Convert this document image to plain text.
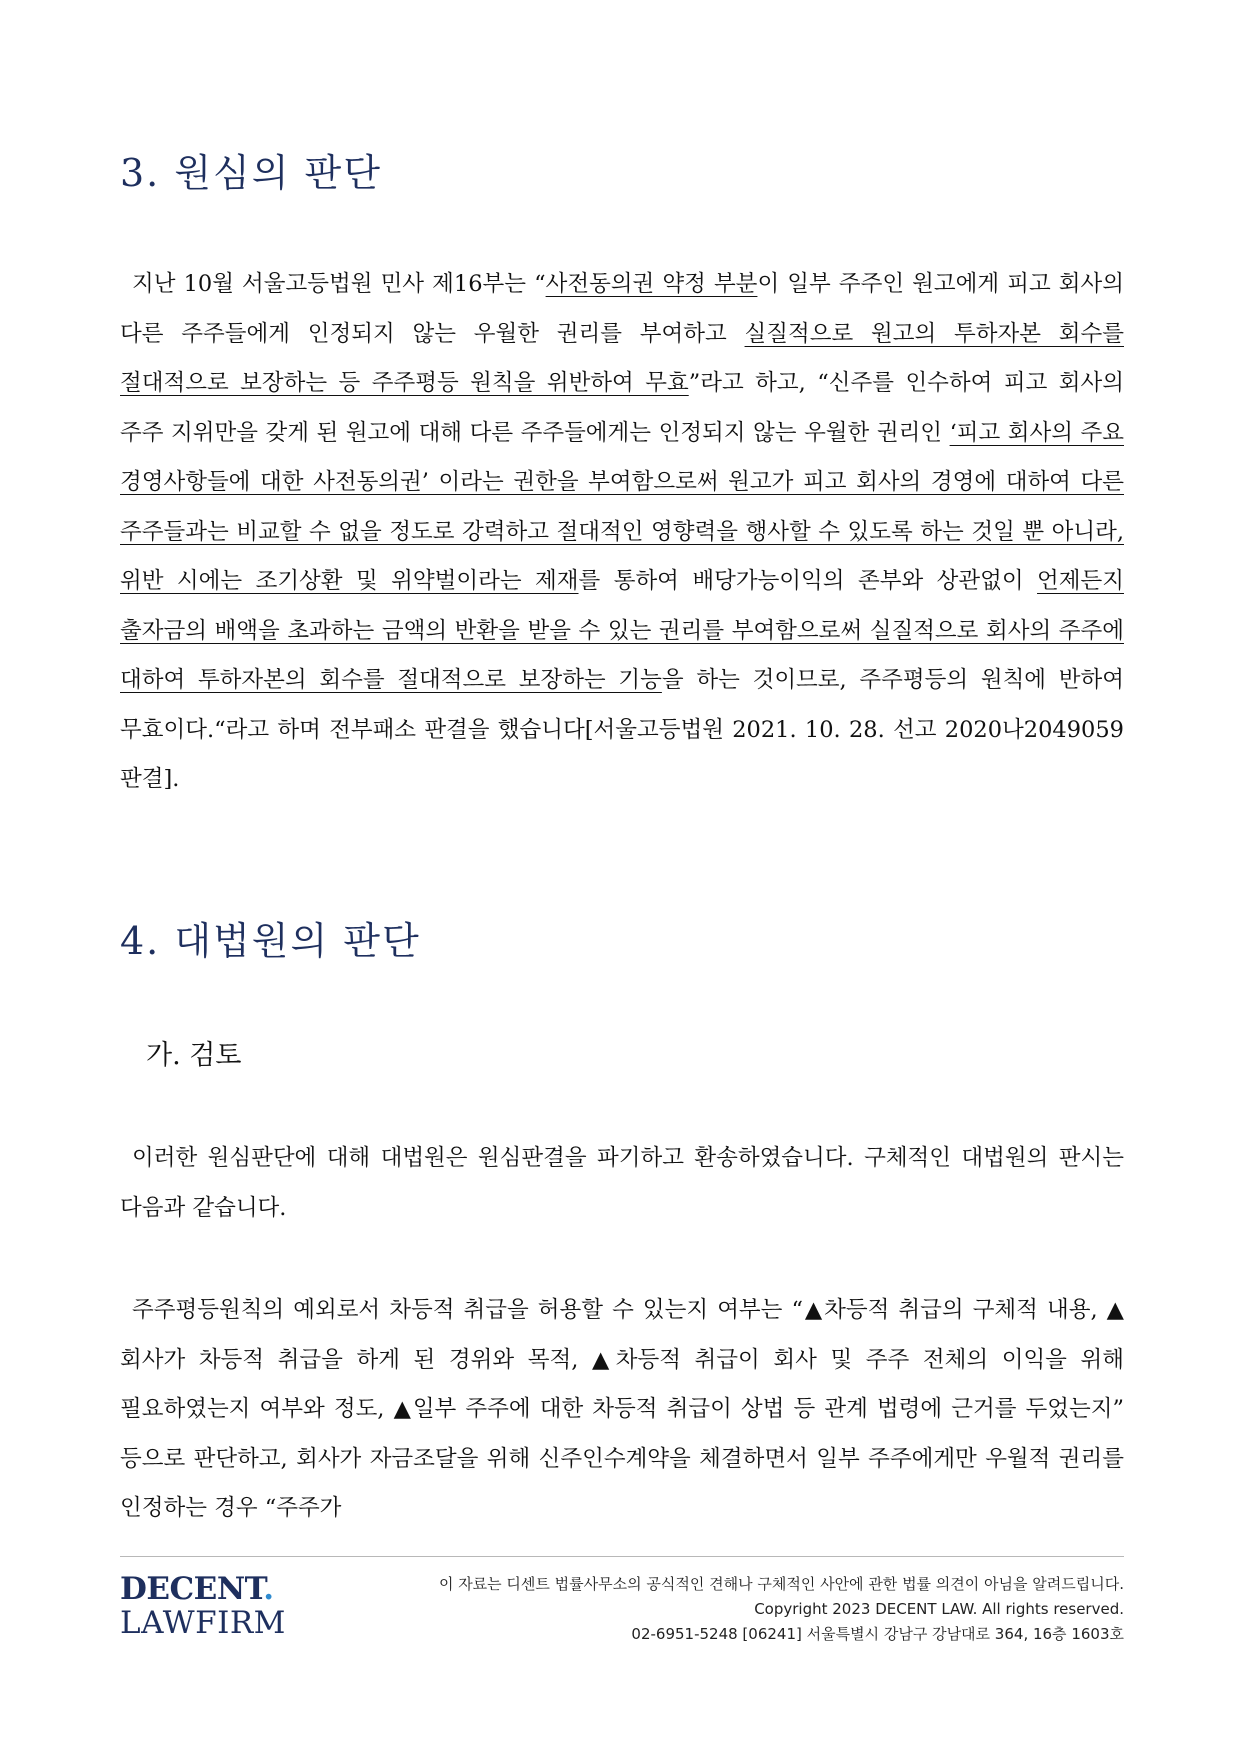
3. 원심의 판단

지난 10월 서울고등법원 민사 제16부는 “사전동의권 약정 부분이 일부 주주인 원고에게 피고 회사의 다른 주주들에게 인정되지 않는 우월한 권리를 부여하고 실질적으로 원고의 투하자본 회수를 절대적으로 보장하는 등 주주평등 원칙을 위반하여 무효”라고 하고, “신주를 인수하여 피고 회사의 주주 지위만을 갖게 된 원고에 대해 다른 주주들에게는 인정되지 않는 우월한 권리인 ‘피고 회사의 주요 경영사항들에 대한 사전동의권’ 이라는 권한을 부여함으로써 원고가 피고 회사의 경영에 대하여 다른 주주들과는 비교할 수 없을 정도로 강력하고 절대적인 영향력을 행사할 수 있도록 하는 것일 뿐 아니라, 위반 시에는 조기상환 및 위약벌이라는 제재를 통하여 배당가능이익의 존부와 상관없이 언제든지 출자금의 배액을 초과하는 금액의 반환을 받을 수 있는 권리를 부여함으로써 실질적으로 회사의 주주에 대하여 투하자본의 회수를 절대적으로 보장하는 기능을 하는 것이므로, 주주평등의 원칙에 반하여 무효이다.“라고 하며 전부패소 판결을 했습니다[서울고등법원 2021. 10. 28. 선고 2020나2049059 판결].

4. 대법원의 판단
가. 검토

이러한 원심판단에 대해 대법원은 원심판결을 파기하고 환송하였습니다. 구체적인 대법원의 판시는 다음과 같습니다.

주주평등원칙의 예외로서 차등적 취급을 허용할 수 있는지 여부는 “▲차등적 취급의 구체적 내용, ▲회사가 차등적 취급을 하게 된 경위와 목적, ▲차등적 취급이 회사 및 주주 전체의 이익을 위해 필요하였는지 여부와 정도, ▲일부 주주에 대한 차등적 취급이 상법 등 관계 법령에 근거를 두었는지” 등으로 판단하고, 회사가 자금조달을 위해 신주인수계약을 체결하면서 일부 주주에게만 우월적 권리를 인정하는 경우 “주주가

DECENT.
LAWFIRM
이 자료는 디센트 법률사무소의 공식적인 견해나 구체적인 사안에 관한 법률 의견이 아님을 알려드립니다.
Copyright 2023 DECENT LAW. All rights reserved.
02-6951-5248 [06241] 서울특별시 강남구 강남대로 364, 16층 1603호
